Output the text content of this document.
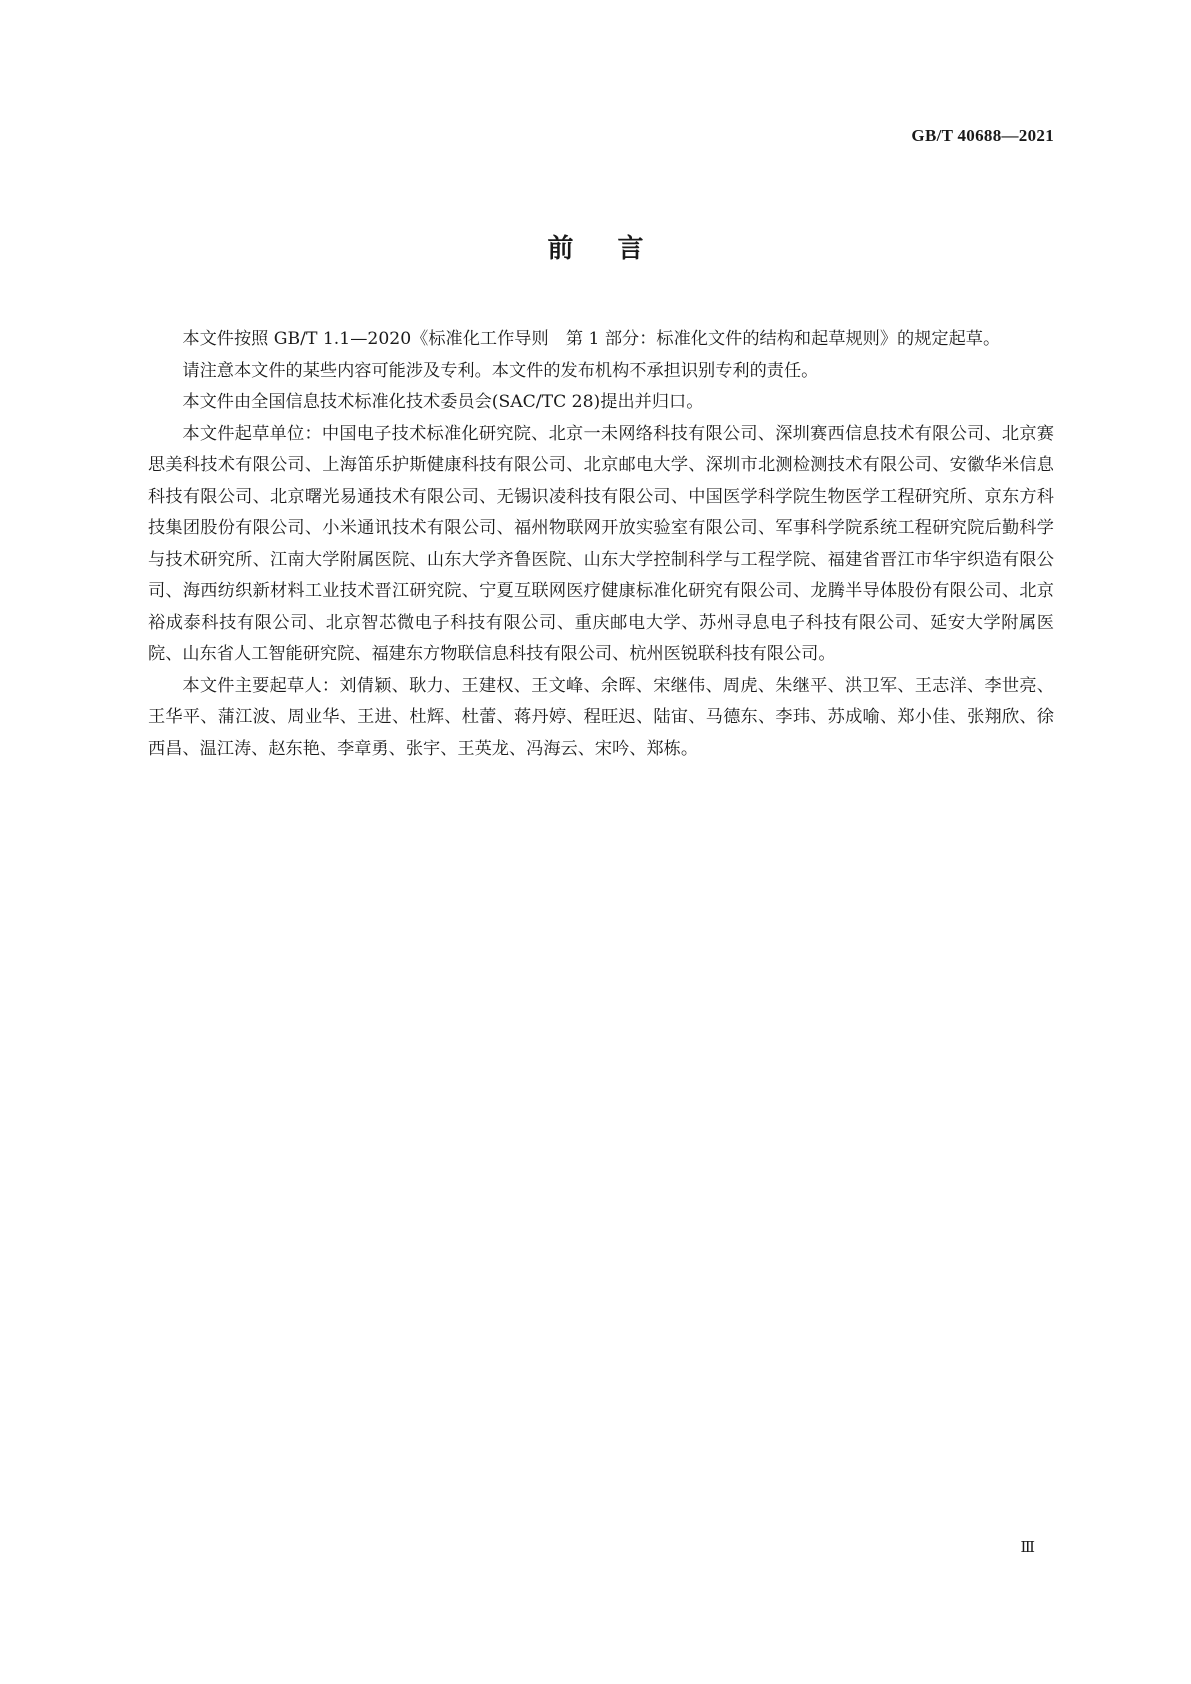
GB/T 40688—2021
前言

本文件按照 GB/T 1.1—2020《标准化工作导则　第 1 部分：标准化文件的结构和起草规则》的规定起草。

请注意本文件的某些内容可能涉及专利。本文件的发布机构不承担识别专利的责任。

本文件由全国信息技术标准化技术委员会(SAC/TC 28)提出并归口。

本文件起草单位：中国电子技术标准化研究院、北京一未网络科技有限公司、深圳赛西信息技术有限公司、北京赛思美科技术有限公司、上海笛乐护斯健康科技有限公司、北京邮电大学、深圳市北测检测技术有限公司、安徽华米信息科技有限公司、北京曙光易通技术有限公司、无锡识凌科技有限公司、中国医学科学院生物医学工程研究所、京东方科技集团股份有限公司、小米通讯技术有限公司、福州物联网开放实验室有限公司、军事科学院系统工程研究院后勤科学与技术研究所、江南大学附属医院、山东大学齐鲁医院、山东大学控制科学与工程学院、福建省晋江市华宇织造有限公司、海西纺织新材料工业技术晋江研究院、宁夏互联网医疗健康标准化研究有限公司、龙腾半导体股份有限公司、北京裕成泰科技有限公司、北京智芯微电子科技有限公司、重庆邮电大学、苏州寻息电子科技有限公司、延安大学附属医院、山东省人工智能研究院、福建东方物联信息科技有限公司、杭州医锐联科技有限公司。

本文件主要起草人：刘倩颖、耿力、王建权、王文峰、余晖、宋继伟、周虎、朱继平、洪卫军、王志洋、李世亮、王华平、蒲江波、周业华、王进、杜辉、杜蕾、蒋丹婷、程旺迟、陆宙、马德东、李玮、苏成喻、郑小佳、张翔欣、徐西昌、温江涛、赵东艳、李章勇、张宇、王英龙、冯海云、宋吟、郑栋。

Ⅲ
